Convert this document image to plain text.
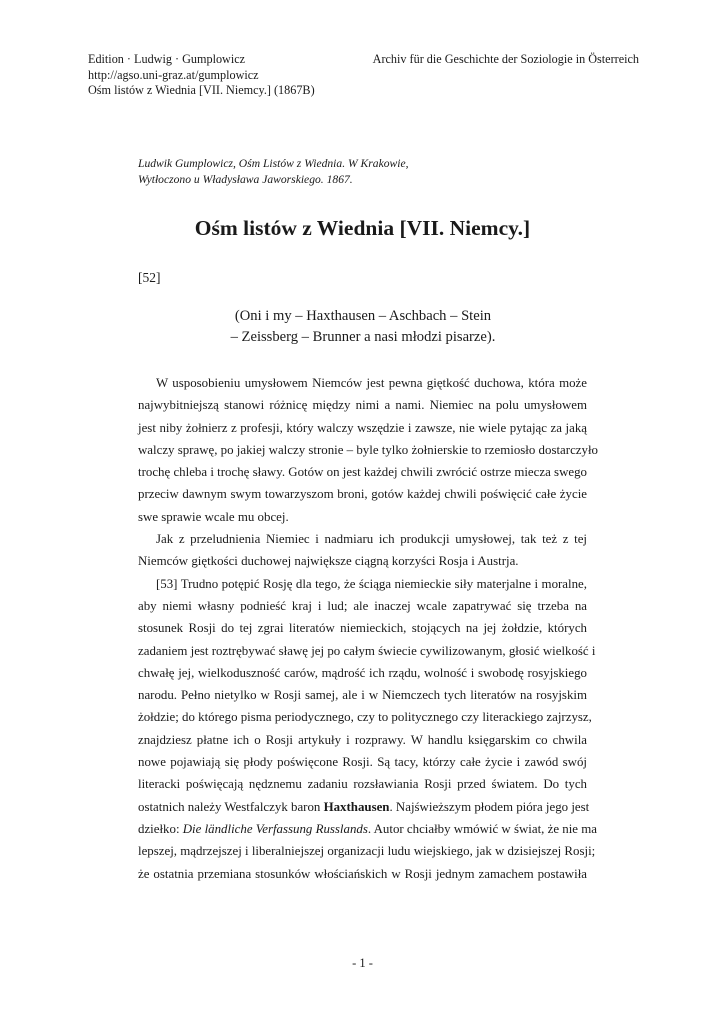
Edition · Ludwig · Gumplowicz
http://agso.uni-graz.at/gumplowicz
Ośm listów z Wiednia [VII. Niemcy.] (1867B)
Archiv für die Geschichte der Soziologie in Österreich
Ludwik Gumplowicz, Ośm Listów z Wiednia. W Krakowie,
Wytłoczono u Władysława Jaworskiego. 1867.
Ośm listów z Wiednia [VII. Niemcy.]
[52]
(Oni i my – Haxthausen – Aschbach – Stein
– Zeissberg – Brunner a nasi młodzi pisarze).
W usposobieniu umysłowem Niemców jest pewna giętkość duchowa, która może
najwybitniejszą stanowi różnicę między nimi a nami. Niemiec na polu umysłowem
jest niby żołnierz z profesji, który walczy wszędzie i zawsze, nie wiele pytając za jaką
walczy sprawę, po jakiej walczy stronie – byle tylko żołnierskie to rzemiosło dostarczyło
trochę chleba i trochę sławy. Gotów on jest każdej chwili zwrócić ostrze miecza swego
przeciw dawnym swym towarzyszom broni, gotów każdej chwili poświęcić całe życie
swe sprawie wcale mu obcej.
Jak z przeludnienia Niemiec i nadmiaru ich produkcji umysłowej, tak też z tej
Niemców giętkości duchowej największe ciągną korzyści Rosja i Austrja.
[53] Trudno potępić Rosję dla tego, że ściąga niemieckie siły materjalne i moralne,
aby niemi własny podnieść kraj i lud; ale inaczej wcale zapatrywać się trzeba na
stosunek Rosji do tej zgrai literatów niemieckich, stojących na jej żołdzie, których
zadaniem jest roztrębywać sławę jej po całym świecie cywilizowanym, głosić wielkość i
chwałę jej, wielkoduszność carów, mądrość ich rządu, wolność i swobodę rosyjskiego
narodu. Pełno nietylko w Rosji samej, ale i w Niemczech tych literatów na rosyjskim
żołdzie; do którego pisma periodycznego, czy to politycznego czy literackiego zajrzysz,
znajdziesz płatne ich o Rosji artykuły i rozprawy. W handlu księgarskim co chwila
nowe pojawiają się płody poświęcone Rosji. Są tacy, którzy całe życie i zawód swój
literacki poświęcają nędznemu zadaniu rozsławiania Rosji przed światem. Do tych
ostatnich należy Westfalczyk baron Haxthausen. Najświeższym płodem pióra jego jest
dziełko: Die ländliche Verfassung Russlands. Autor chciałby wmówić w świat, że nie ma
lepszej, mądrzejszej i liberalniejszej organizacji ludu wiejskiego, jak w dzisiejszej Rosji;
że ostatnia przemiana stosunków włościańskich w Rosji jednym zamachem postawiła
- 1 -
